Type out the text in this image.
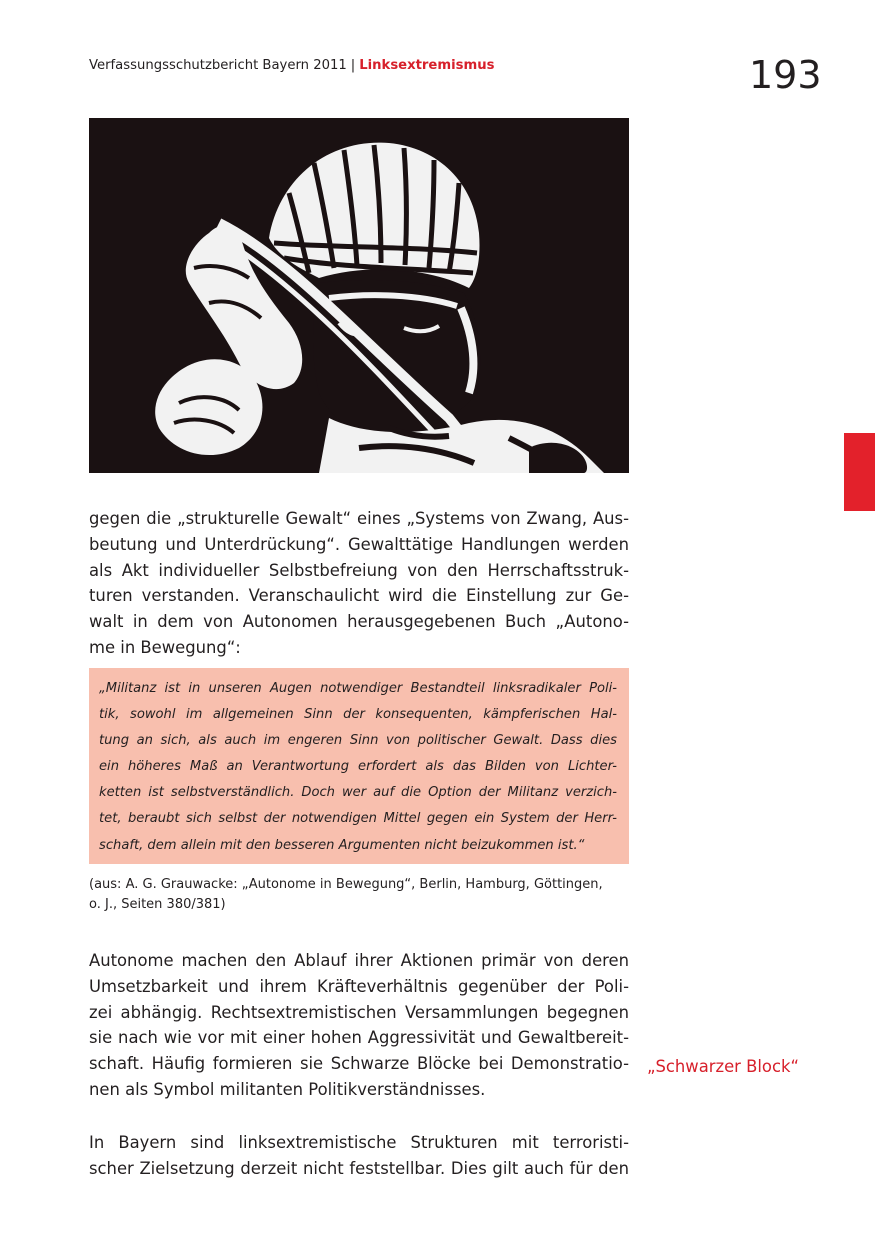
Verfassungsschutzbericht Bayern 2011 | Linksextremismus	193

gegen die „strukturelle Gewalt“ eines „Systems von Zwang, Aus-
beutung und Unterdrückung“. Gewalttätige Handlungen werden
als Akt individueller Selbstbefreiung von den Herrschaftsstruk-
turen verstanden. Veranschaulicht wird die Einstellung zur Ge-
walt in dem von Autonomen herausgegebenen Buch „Autono-
me in Bewegung“:

„Militanz ist in unseren Augen notwendiger Bestandteil linksradikaler Poli-
tik, sowohl im allgemeinen Sinn der konsequenten, kämpferischen Hal-
tung an sich, als auch im engeren Sinn von politischer Gewalt. Dass dies
ein höheres Maß an Verantwortung erfordert als das Bilden von Lichter-
ketten ist selbstverständlich. Doch wer auf die Option der Militanz verzich-
tet, beraubt sich selbst der notwendigen Mittel gegen ein System der Herr-
schaft, dem allein mit den besseren Argumenten nicht beizukommen ist.“
(aus: A. G. Grauwacke: „Autonome in Bewegung“, Berlin, Hamburg, Göttingen,
o. J., Seiten 380/381)

Autonome machen den Ablauf ihrer Aktionen primär von deren
Umsetzbarkeit und ihrem Kräfteverhältnis gegenüber der Poli-
zei abhängig. Rechtsextremistischen Versammlungen begegnen
sie nach wie vor mit einer hohen Aggressivität und Gewaltbereit-
schaft. Häufig formieren sie Schwarze Blöcke bei Demonstratio-
nen als Symbol militanten Politikverständnisses.

„Schwarzer Block“

In Bayern sind linksextremistische Strukturen mit terroristi-
scher Zielsetzung derzeit nicht feststellbar. Dies gilt auch für den
